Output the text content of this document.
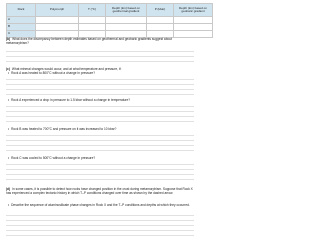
Rock	Polymorph	T (°C)	Depth (km) based on geothermal gradient	P (kbar)	Depth (km) based on geobaric gradient
A					
B					
C					
(b) What does the discrepancy between depth estimates based on geothermal and geobaric gradients suggest about metamorphism?
(c) What mineral changes would occur, and at what temperature and pressure, if:
• Rock A was heated to 800°C without a change in pressure?
• Rock A experienced a drop in pressure to 1.5 kbar without a change in temperature?
• Rock B was heated to 700°C and pressure on it was increased to 10 kbar?
• Rock C was cooled to 500°C without a change in pressure?
(d) In some cases, it is possible to detect how rocks have changed position in the crust during metamorphism. Suppose that Rock X has experienced a complex tectonic history in which T–P conditions changed over time as shown by the dashed arrow.
• Describe the sequence of aluminosilicate phase changes in Rock X and the T–P conditions and depths at which they occurred.
